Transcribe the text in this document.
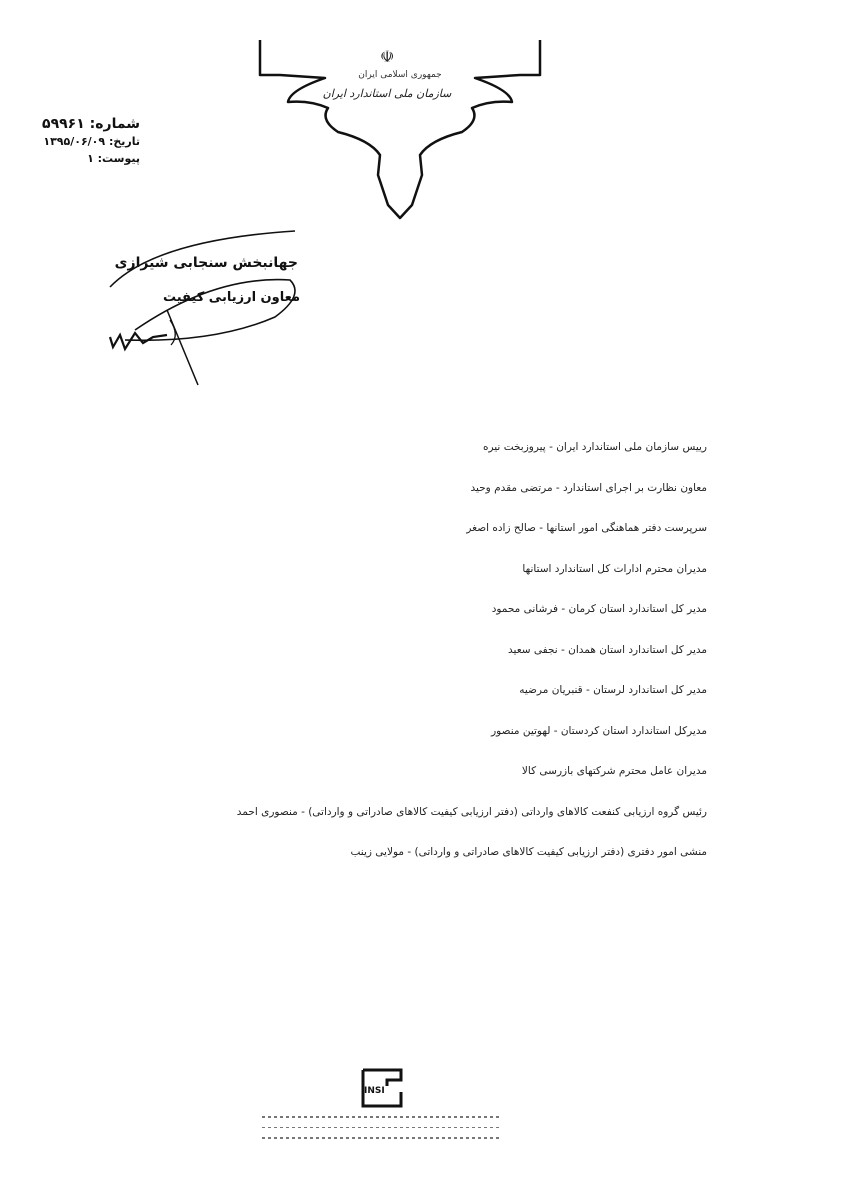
☫
جمهوری اسلامی ایران
سازمان ملی استاندارد ایران
شماره: ۵۹۹۶۱
تاریخ: ۱۳۹۵/۰۶/۰۹
پیوست: ۱
جهانبخش سنجابی شیرازی
معاون ارزیابی کیفیت
رییس سازمان ملی استاندارد ایران - پیروزبخت نیره
معاون نظارت بر اجرای استاندارد - مرتضی مقدم وحید
سرپرست دفتر هماهنگی امور استانها - صالح زاده اصغر
مدیران محترم ادارات کل استاندارد استانها
مدیر کل استاندارد استان کرمان - فرشانی محمود
مدیر کل استاندارد استان همدان - نجفی سعید
مدیر کل استاندارد لرستان - قنبریان مرضیه
مدیرکل استاندارد استان کردستان - لهوتین منصور
مدیران عامل محترم شرکتهای بازرسی کالا
رئیس گروه ارزیابی کنفعت کالاهای وارداتی (دفتر ارزیابی کیفیت کالاهای صادراتی و وارداتی) - منصوری احمد
منشی امور دفتری (دفتر ارزیابی کیفیت کالاهای صادراتی و وارداتی) - مولایی زینب
INSI
